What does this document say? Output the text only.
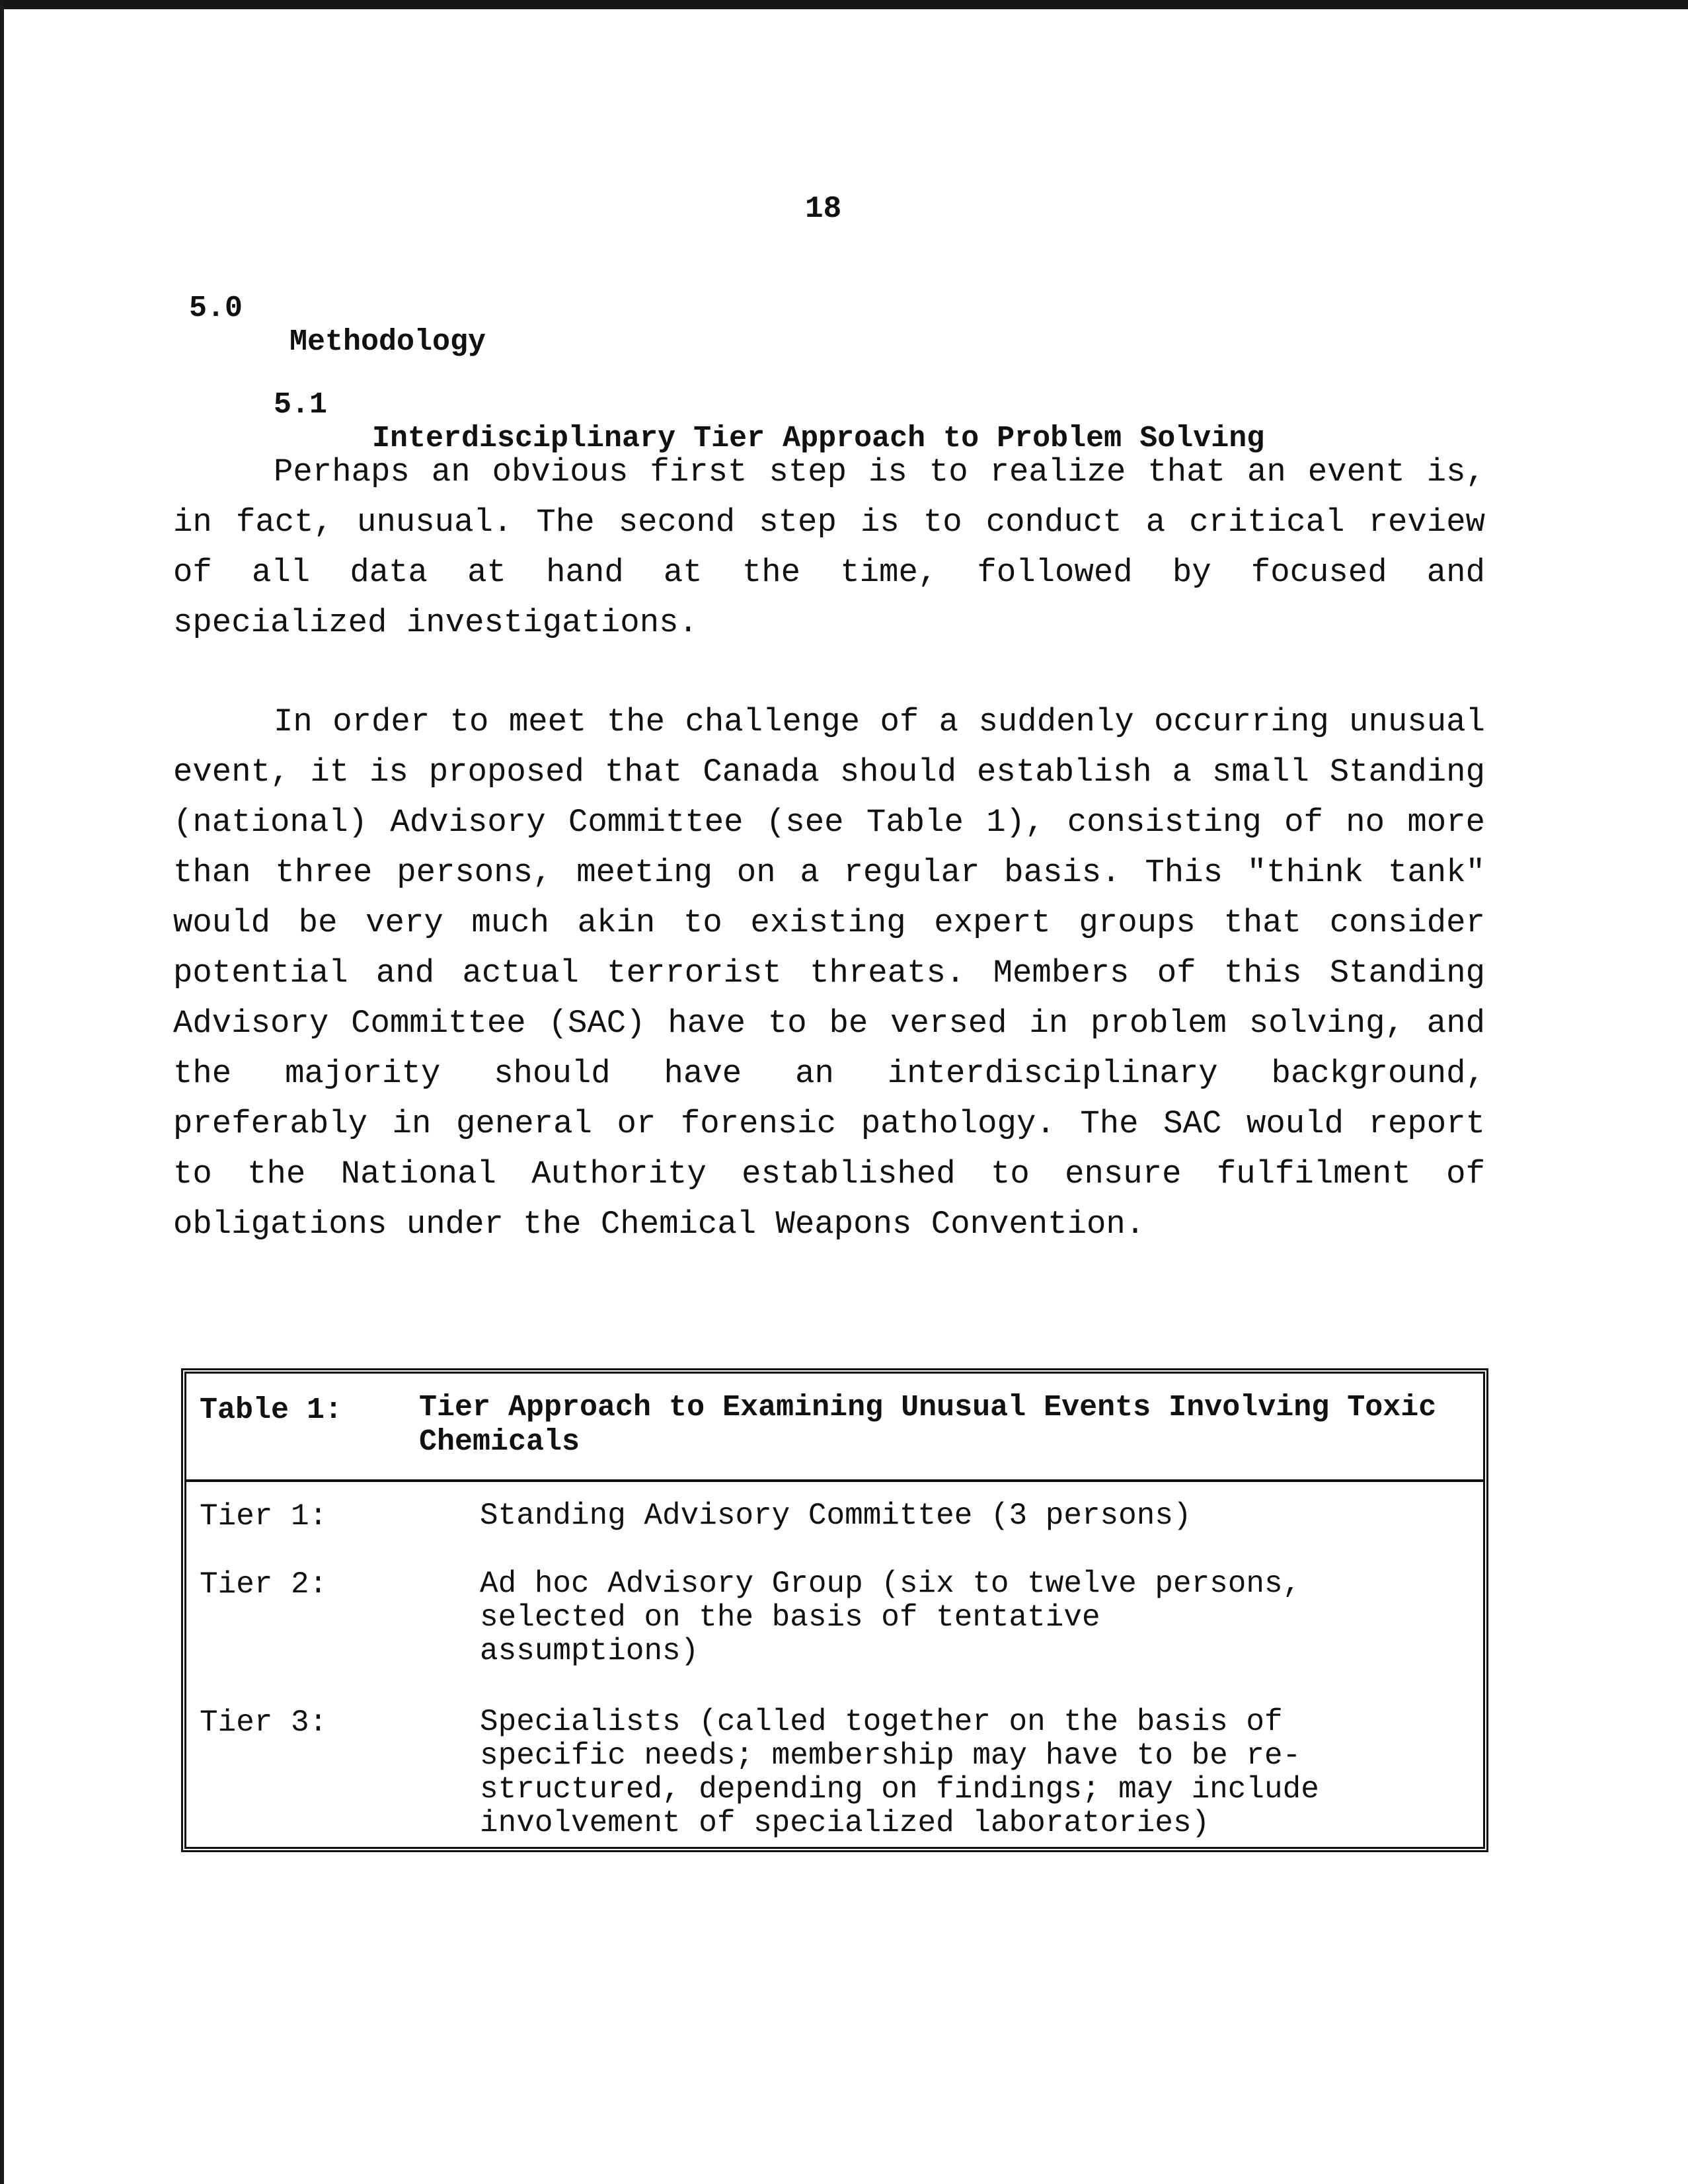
18

5.0

Methodology

5.1

Interdisciplinary Tier Approach to Problem Solving

Perhaps an obvious first step is to realize that an event is,
in fact, unusual. The second step is to conduct a critical review
of all data at hand at the time, followed by focused and
specialized investigations.
In order to meet the challenge of a suddenly occurring unusual
event, it is proposed that Canada should establish a small Standing
(national) Advisory Committee (see Table 1), consisting of no more
than three persons, meeting on a regular basis. This "think tank"
would be very much akin to existing expert groups that consider
potential and actual terrorist threats. Members of this Standing
Advisory Committee (SAC) have to be versed in problem solving, and
the majority should have an interdisciplinary background,
preferably in general or forensic pathology. The SAC would report
to the National Authority established to ensure fulfilment of
obligations under the Chemical Weapons Convention.
Table 1:	Tier Approach to Examining Unusual Events Involving Toxic Chemicals
Tier 1:	Standing Advisory Committee (3 persons)
Tier 2:	Ad hoc Advisory Group (six to twelve persons,
selected on the basis of tentative
assumptions)
Tier 3:	Specialists (called together on the basis of
specific needs; membership may have to be re-
structured, depending on findings; may include
involvement of specialized laboratories)
